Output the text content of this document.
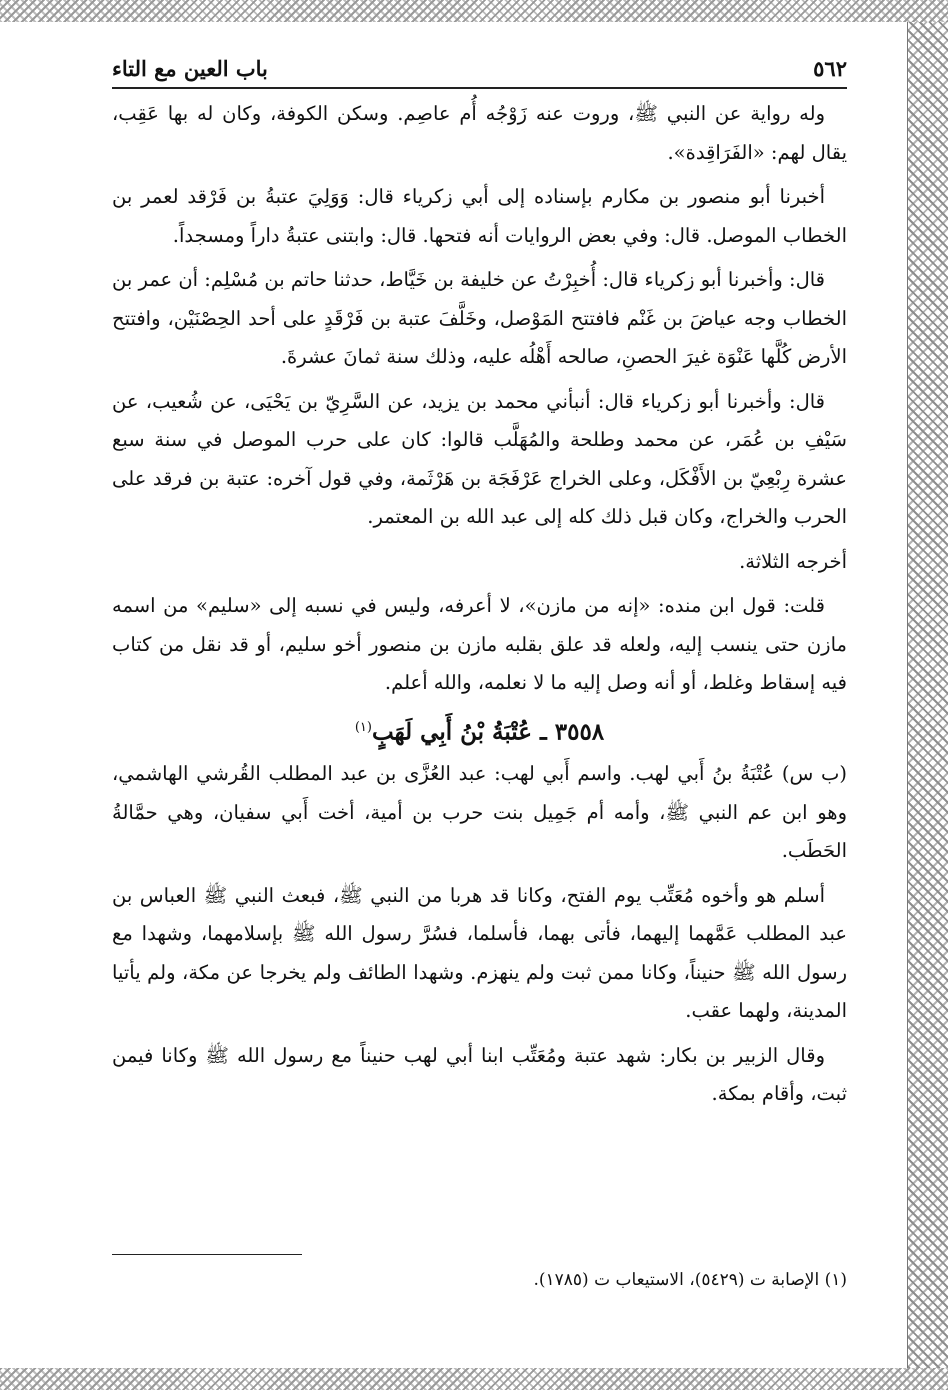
٥٦٢
باب العين مع التاء

وله رواية عن النبي ﷺ، وروت عنه زَوْجُه أُم عاصِم. وسكن الكوفة، وكان له بها عَقِب، يقال لهم: «الفَرَاقِدة».

أخبرنا أبو منصور بن مكارم بإسناده إلى أبي زكرياء قال: وَوَلِيَ عتبةُ بن فَرْقد لعمر بن الخطاب الموصل. قال: وفي بعض الروايات أنه فتحها. قال: وابتنى عتبةُ داراً ومسجداً.

قال: وأخبرنا أبو زكرياء قال: أُخبِرْتُ عن خليفة بن خَيَّاط، حدثنا حاتم بن مُسْلِم: أن عمر بن الخطاب وجه عياضَ بن غَنْم فافتتح المَوْصل، وخَلَّفَ عتبة بن فَرْقَدٍ على أحد الحِصْنَيْن، وافتتح الأرض كُلَّها عَنْوَة غيرَ الحصنِ، صالحه أَهْلُه عليه، وذلك سنة ثمانَ عشرةَ.

قال: وأخبرنا أبو زكرياء قال: أنبأني محمد بن يزيد، عن السَّرِيّ بن يَحْيَى، عن شُعيب، عن سَيْفِ بن عُمَر، عن محمد وطلحة والمُهَلَّب قالوا: كان على حرب الموصل في سنة سبع عشرة رِبْعِيّ بن الأَفْكَل، وعلى الخراج عَرْفَجَة بن هَرْثَمة، وفي قول آخره: عتبة بن فرقد على الحرب والخراج، وكان قبل ذلك كله إلى عبد الله بن المعتمر.

أخرجه الثلاثة.

قلت: قول ابن منده: «إنه من مازن»، لا أعرفه، وليس في نسبه إلى «سليم» من اسمه مازن حتى ينسب إليه، ولعله قد علق بقلبه مازن بن منصور أخو سليم، أو قد نقل من كتاب فيه إسقاط وغلط، أو أنه وصل إليه ما لا نعلمه، والله أعلم.

٣٥٥٨ ـ عُتْبَةُ بْنُ أَبِي لَهَبٍ$^{(١)}$

(ب س) عُتْبَةُ بنُ أَبي لهب. واسم أَبي لهب: عبد العُزَّى بن عبد المطلب القُرشي الهاشمي، وهو ابن عم النبي ﷺ، وأمه أم جَمِيل بنت حرب بن أمية، أخت أَبي سفيان، وهي حمَّالةُ الحَطَب.

أسلم هو وأخوه مُعَتِّب يوم الفتح، وكانا قد هربا من النبي ﷺ، فبعث النبي ﷺ العباس بن عبد المطلب عَمَّهما إليهما، فأتى بهما، فأسلما، فسُرَّ رسول الله ﷺ بإسلامهما، وشهدا مع رسول الله ﷺ حنيناً، وكانا ممن ثبت ولم ينهزم. وشهدا الطائف ولم يخرجا عن مكة، ولم يأتيا المدينة، ولهما عقب.

وقال الزبير بن بكار: شهد عتبة ومُعَتِّب ابنا أبي لهب حنيناً مع رسول الله ﷺ وكانا فيمن ثبت، وأقام بمكة.

(١) الإصابة ت (٥٤٢٩)، الاستيعاب ت (١٧٨٥).
